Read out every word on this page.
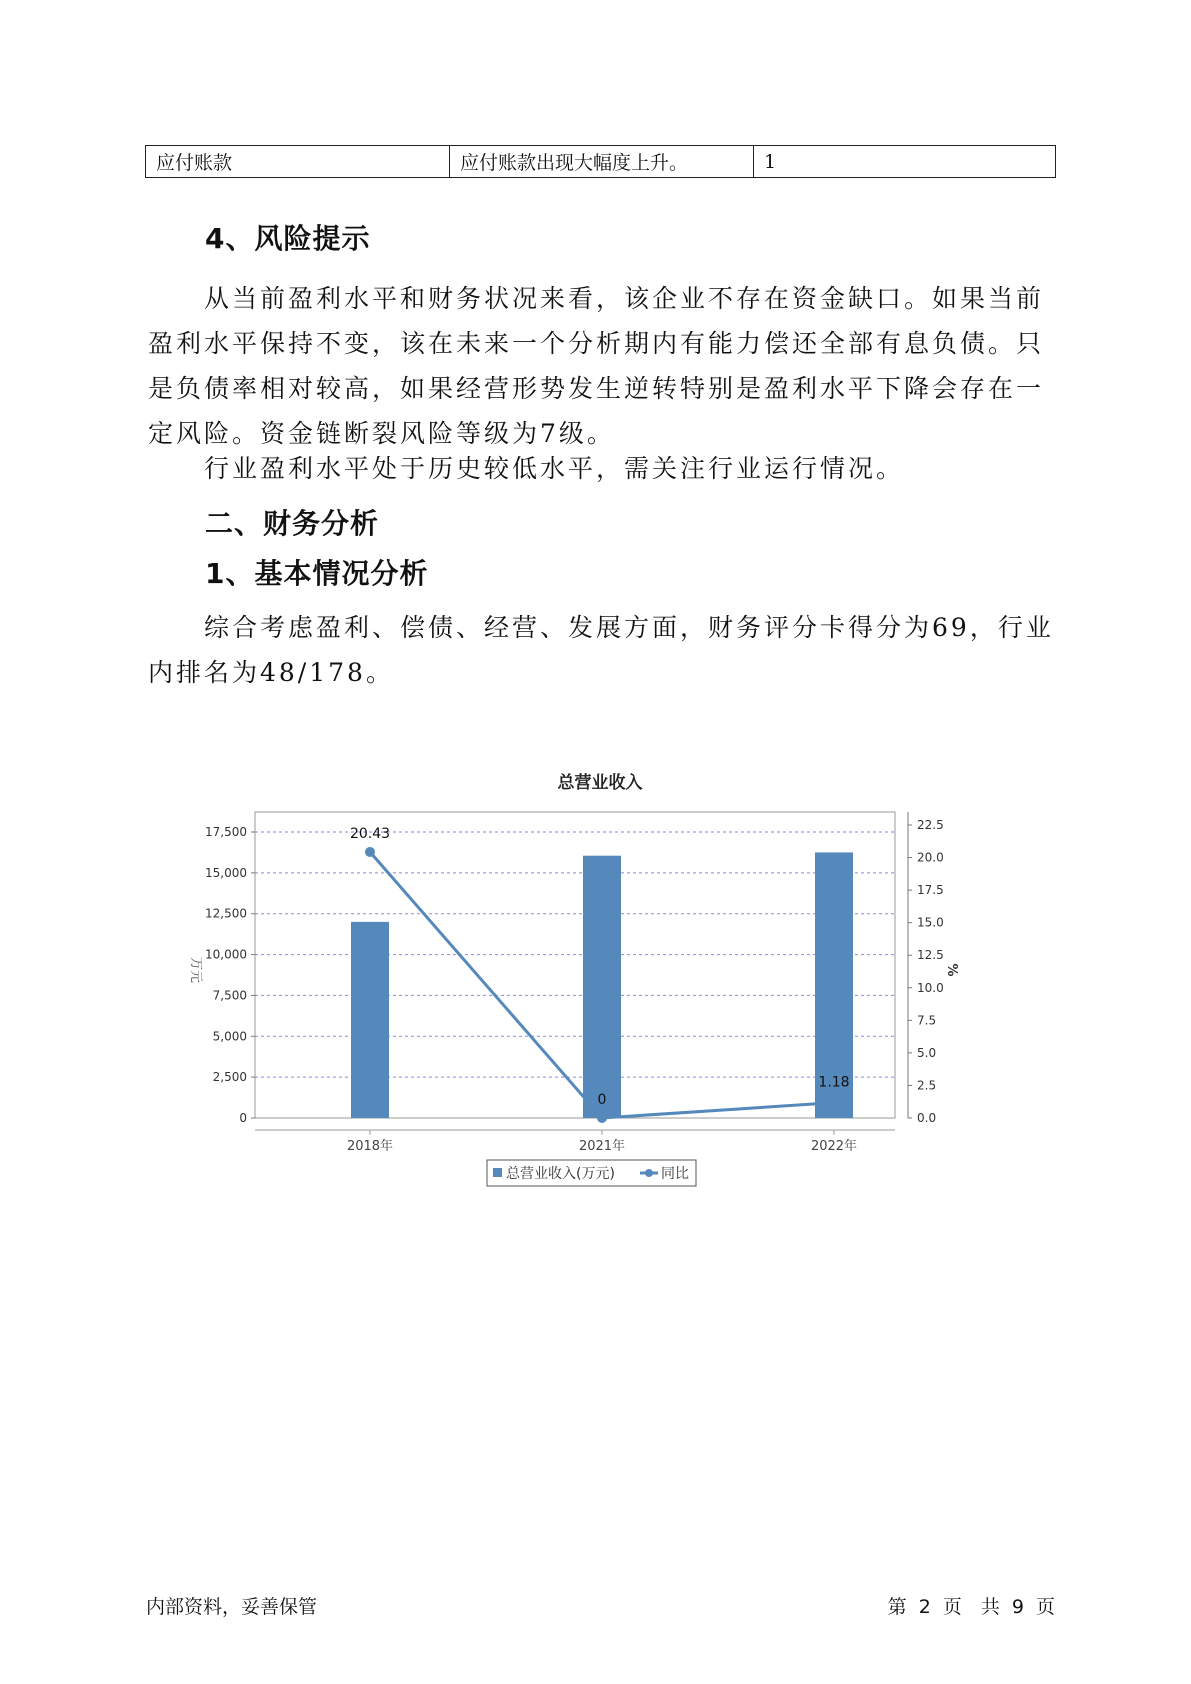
应付账款	应付账款出现大幅度上升。	1
4、风险提示

从当前盈利水平和财务状况来看，该企业不存在资金缺口。如果当前盈利水平保持不变，该在未来一个分析期内有能力偿还全部有息负债。只是负债率相对较高，如果经营形势发生逆转特别是盈利水平下降会存在一定风险。资金链断裂风险等级为7级。

行业盈利水平处于历史较低水平，需关注行业运行情况。

二、财务分析
1、基本情况分析

综合考虑盈利、偿债、经营、发展方面，财务评分卡得分为69，行业内排名为48/178。

总营业收入
0
2,500
5,000
7,500
10,000
12,500
15,000
17,500
0.0
2.5
5.0
7.5
10.0
12.5
15.0
17.5
20.0
22.5
20.43
0
1.18
2018年	2021年	2022年
万元	%
总营业收入(万元)	同比
内部资料，妥善保管	第 2 页　共 9 页
